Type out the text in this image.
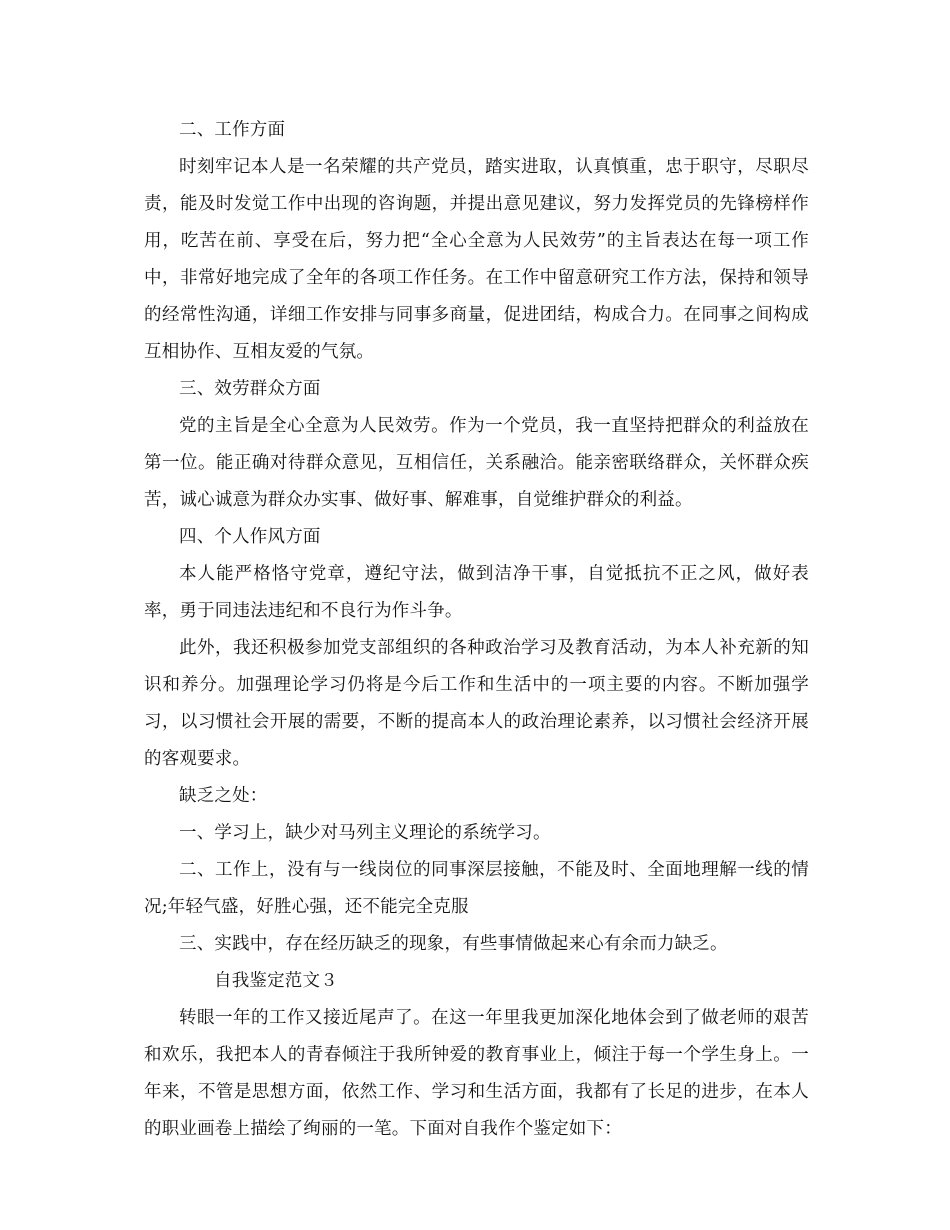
二、工作方面

时刻牢记本人是一名荣耀的共产党员，踏实进取，认真慎重，忠于职守，尽职尽责，能及时发觉工作中出现的咨询题，并提出意见建议，努力发挥党员的先锋榜样作用，吃苦在前、享受在后，努力把“全心全意为人民效劳”的主旨表达在每一项工作中，非常好地完成了全年的各项工作任务。在工作中留意研究工作方法，保持和领导的经常性沟通，详细工作安排与同事多商量，促进团结，构成合力。在同事之间构成互相协作、互相友爱的气氛。

三、效劳群众方面

党的主旨是全心全意为人民效劳。作为一个党员，我一直坚持把群众的利益放在第一位。能正确对待群众意见，互相信任，关系融洽。能亲密联络群众，关怀群众疾苦，诚心诚意为群众办实事、做好事、解难事，自觉维护群众的利益。

四、个人作风方面

本人能严格恪守党章，遵纪守法，做到洁净干事，自觉抵抗不正之风，做好表率，勇于同违法违纪和不良行为作斗争。

此外，我还积极参加党支部组织的各种政治学习及教育活动，为本人补充新的知识和养分。加强理论学习仍将是今后工作和生活中的一项主要的内容。不断加强学习，以习惯社会开展的需要，不断的提高本人的政治理论素养，以习惯社会经济开展的客观要求。

缺乏之处：

一、学习上，缺少对马列主义理论的系统学习。

二、工作上，没有与一线岗位的同事深层接触，不能及时、全面地理解一线的情况;年轻气盛，好胜心强，还不能完全克服

三、实践中，存在经历缺乏的现象，有些事情做起来心有余而力缺乏。

自我鉴定范文３

转眼一年的工作又接近尾声了。在这一年里我更加深化地体会到了做老师的艰苦和欢乐，我把本人的青春倾注于我所钟爱的教育事业上，倾注于每一个学生身上。一年来，不管是思想方面，依然工作、学习和生活方面，我都有了长足的进步，在本人的职业画卷上描绘了绚丽的一笔。下面对自我作个鉴定如下：
